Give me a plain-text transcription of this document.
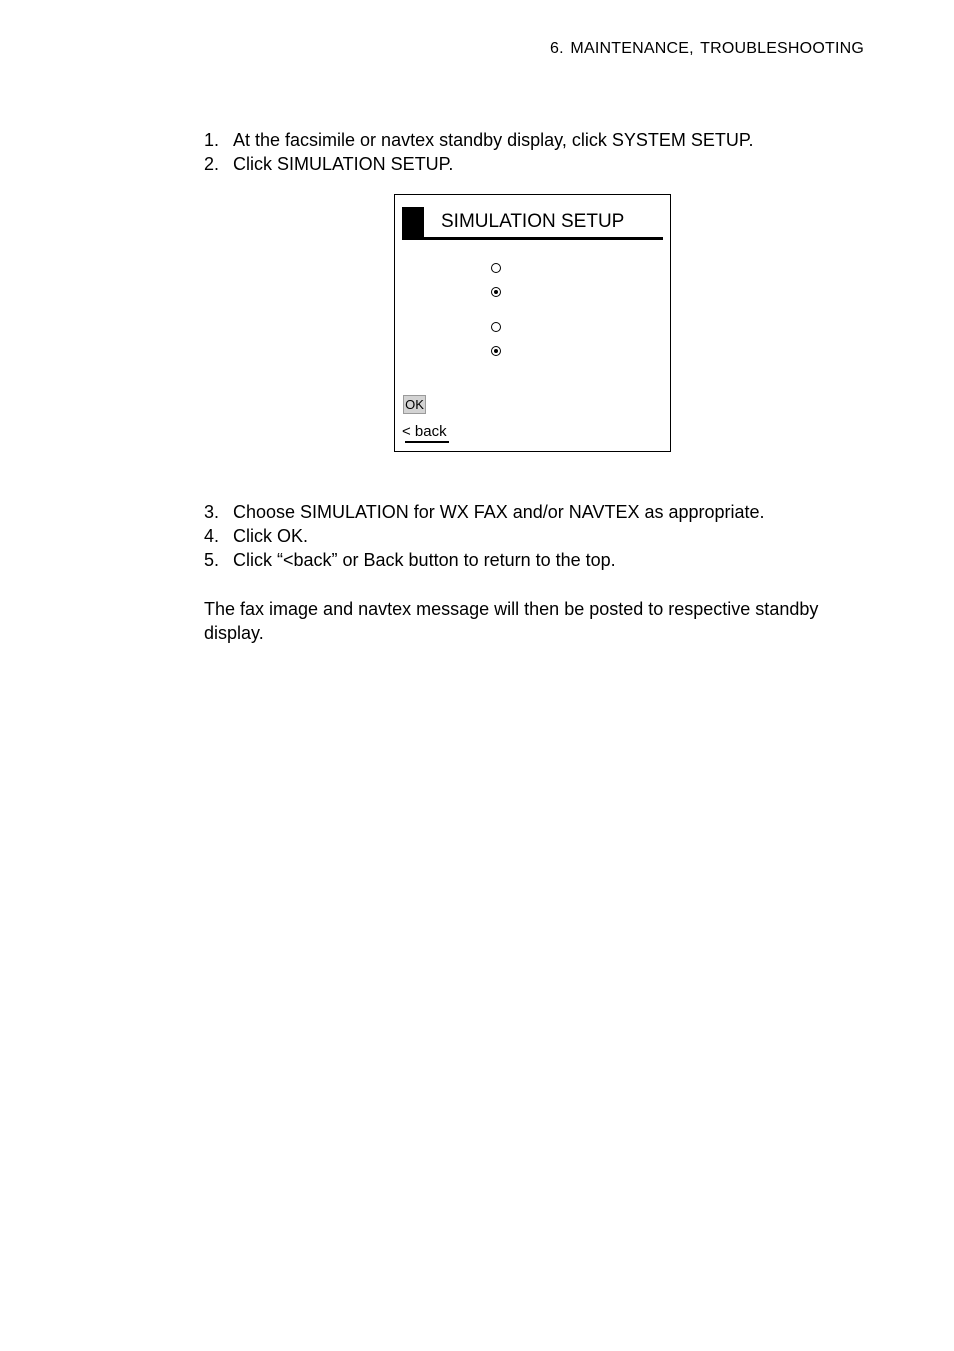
6. MAINTENANCE, TROUBLESHOOTING
1. At the facsimile or navtex standby display, click SYSTEM SETUP.
2. Click SIMULATION SETUP.
SIMULATION SETUP
OK
< back
3. Choose SIMULATION for WX FAX and/or NAVTEX as appropriate.
4. Click OK.
5. Click “<back” or Back button to return to the top.

The fax image and navtex message will then be posted to respective standby display.
